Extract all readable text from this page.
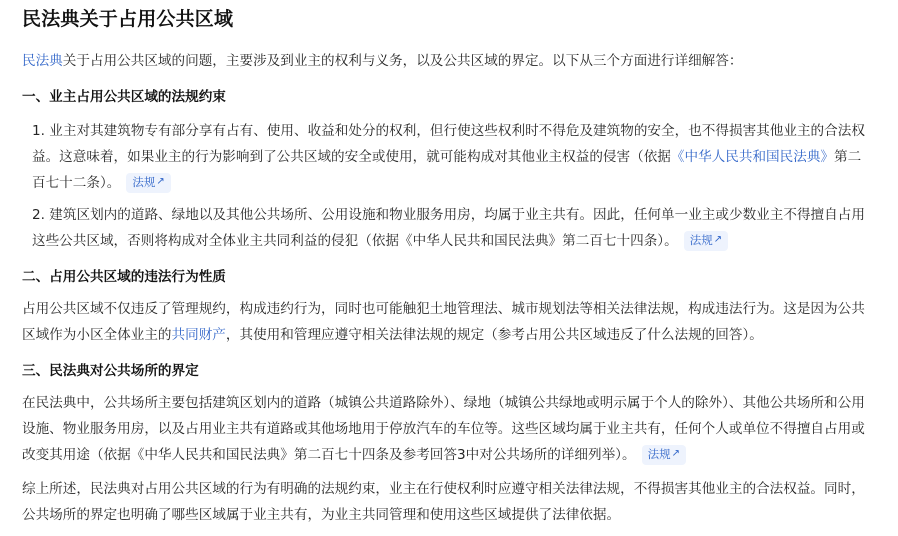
民法典关于占用公共区域
民法典关于占用公共区域的问题，主要涉及到业主的权利与义务，以及公共区域的界定。以下从三个方面进行详细解答：
一、业主占用公共区域的法规约束
1. 业主对其建筑物专有部分享有占有、使用、收益和处分的权利，但行使这些权利时不得危及建筑物的安全，也不得损害其他业主的合法权益。这意味着，如果业主的行为影响到了公共区域的安全或使用，就可能构成对其他业主权益的侵害（依据《中华人民共和国民法典》第二百七十二条）。 法规↗
2. 建筑区划内的道路、绿地以及其他公共场所、公用设施和物业服务用房，均属于业主共有。因此，任何单一业主或少数业主不得擅自占用这些公共区域，否则将构成对全体业主共同利益的侵犯（依据《中华人民共和国民法典》第二百七十四条）。 法规↗
二、占用公共区域的违法行为性质
占用公共区域不仅违反了管理规约，构成违约行为，同时也可能触犯土地管理法、城市规划法等相关法律法规，构成违法行为。这是因为公共区域作为小区全体业主的共同财产，其使用和管理应遵守相关法律法规的规定（参考占用公共区域违反了什么法规的回答）。
三、民法典对公共场所的界定
在民法典中，公共场所主要包括建筑区划内的道路（城镇公共道路除外）、绿地（城镇公共绿地或明示属于个人的除外）、其他公共场所和公用设施、物业服务用房，以及占用业主共有道路或其他场地用于停放汽车的车位等。这些区域均属于业主共有，任何个人或单位不得擅自占用或改变其用途（依据《中华人民共和国民法典》第二百七十四条及参考回答3中对公共场所的详细列举）。 法规↗
综上所述，民法典对占用公共区域的行为有明确的法规约束，业主在行使权利时应遵守相关法律法规，不得损害其他业主的合法权益。同时，公共场所的界定也明确了哪些区域属于业主共有，为业主共同管理和使用这些区域提供了法律依据。
